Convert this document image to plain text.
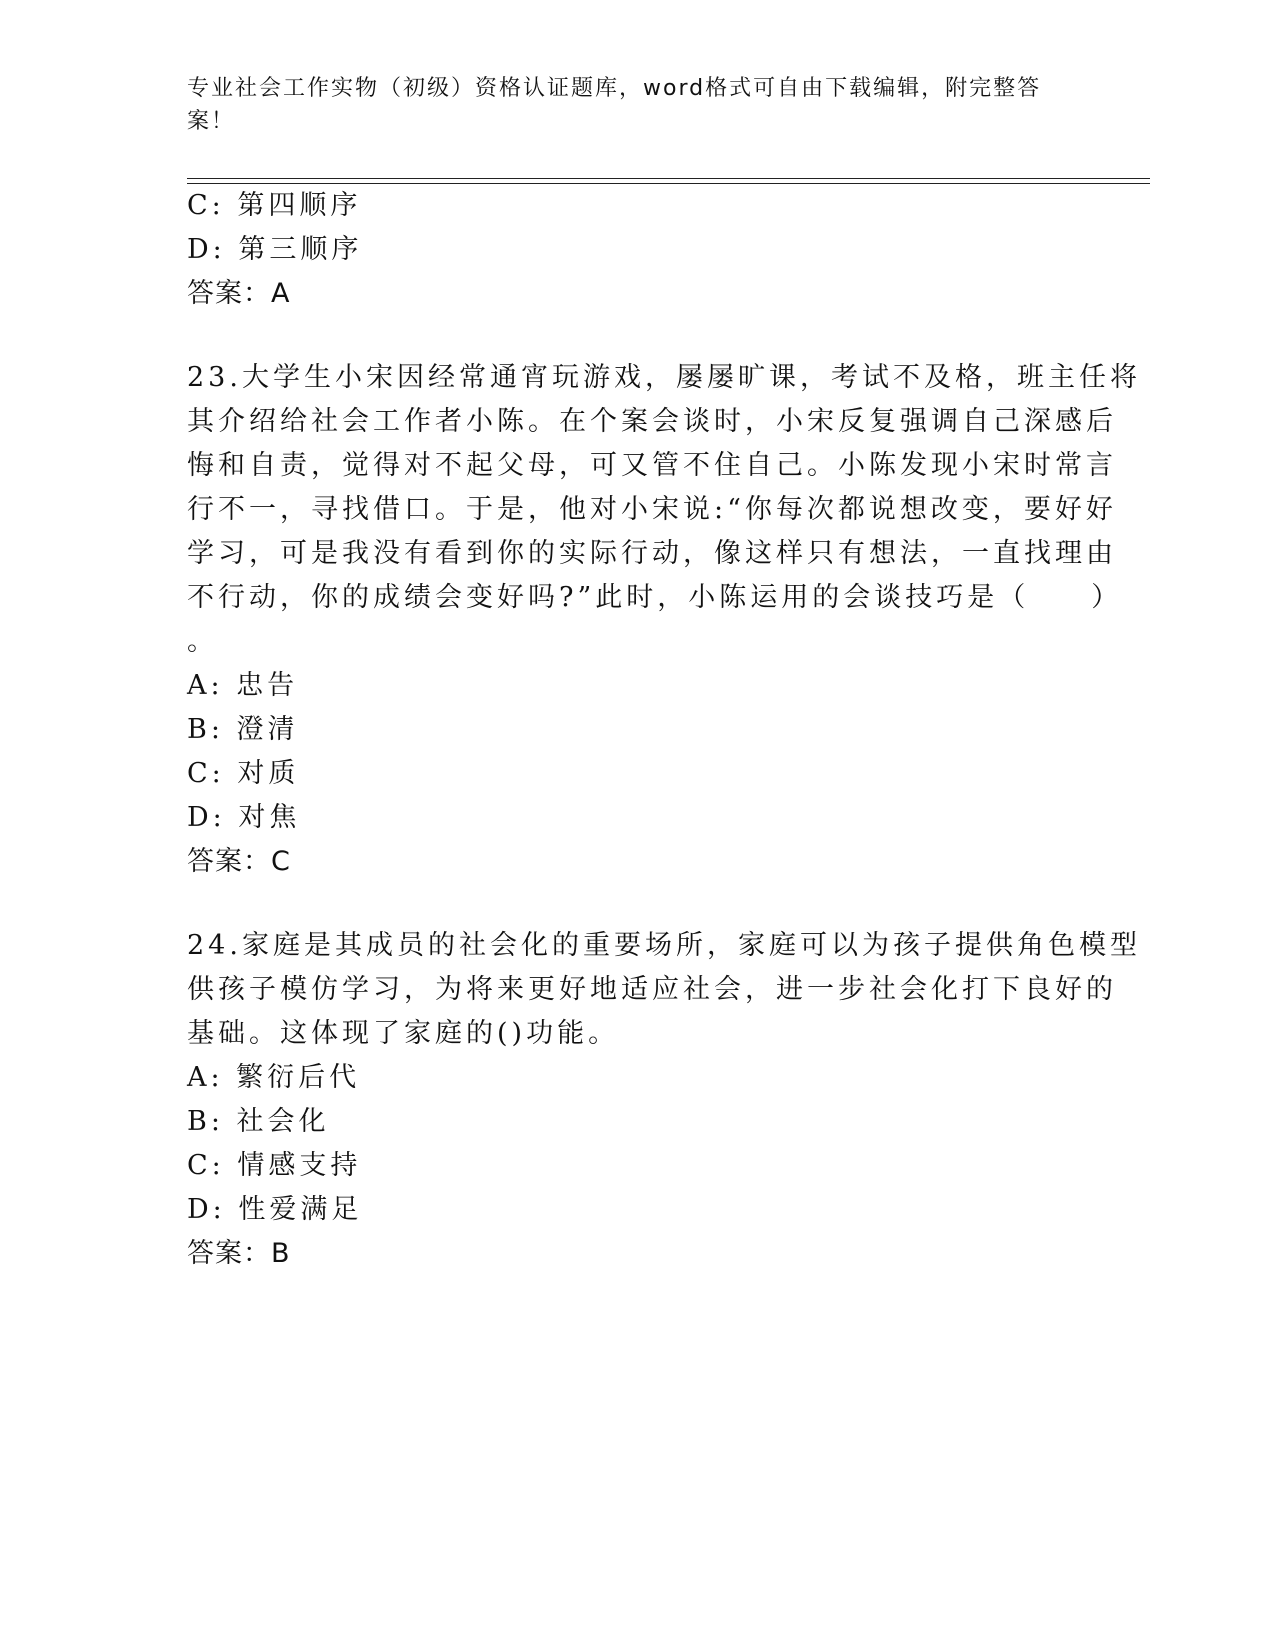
专业社会工作实物（初级）资格认证题库，word格式可自由下载编辑，附完整答案！
C: 第四顺序
D: 第三顺序
答案：A
23.大学生小宋因经常通宵玩游戏，屡屡旷课，考试不及格，班主任将
其介绍给社会工作者小陈。在个案会谈时，小宋反复强调自己深感后
悔和自责，觉得对不起父母，可又管不住自己。小陈发现小宋时常言
行不一，寻找借口。于是，他对小宋说:“你每次都说想改变，要好好
学习，可是我没有看到你的实际行动，像这样只有想法，一直找理由
不行动，你的成绩会变好吗?”此时，小陈运用的会谈技巧是（　　）
。
A: 忠告
B: 澄清
C: 对质
D: 对焦
答案：C
24.家庭是其成员的社会化的重要场所，家庭可以为孩子提供角色模型
供孩子模仿学习，为将来更好地适应社会，进一步社会化打下良好的
基础。这体现了家庭的()功能。
A: 繁衍后代
B: 社会化
C: 情感支持
D: 性爱满足
答案：B
